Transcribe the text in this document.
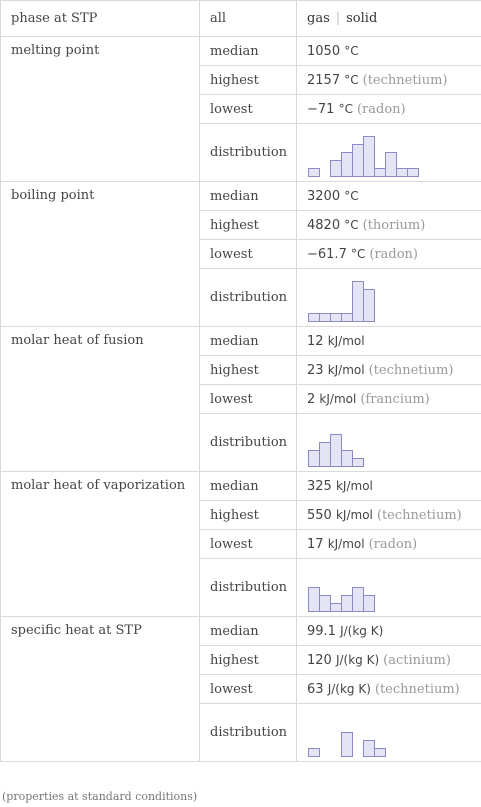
phase at STP	all	gas | solid
melting point	median	1050 °C
	highest	2157 °C (technetium)
	lowest	−71 °C (radon)
	distribution	

boiling point	median	3200 °C
	highest	4820 °C (thorium)
	lowest	−61.7 °C (radon)
	distribution	

molar heat of fusion	median	12 kJ/mol
	highest	23 kJ/mol (technetium)
	lowest	2 kJ/mol (francium)
	distribution	

molar heat of vaporization	median	325 kJ/mol
	highest	550 kJ/mol (technetium)
	lowest	17 kJ/mol (radon)
	distribution	

specific heat at STP	median	99.1 J/(kg K)
	highest	120 J/(kg K) (actinium)
	lowest	63 J/(kg K) (technetium)
	distribution	
(properties at standard conditions)
